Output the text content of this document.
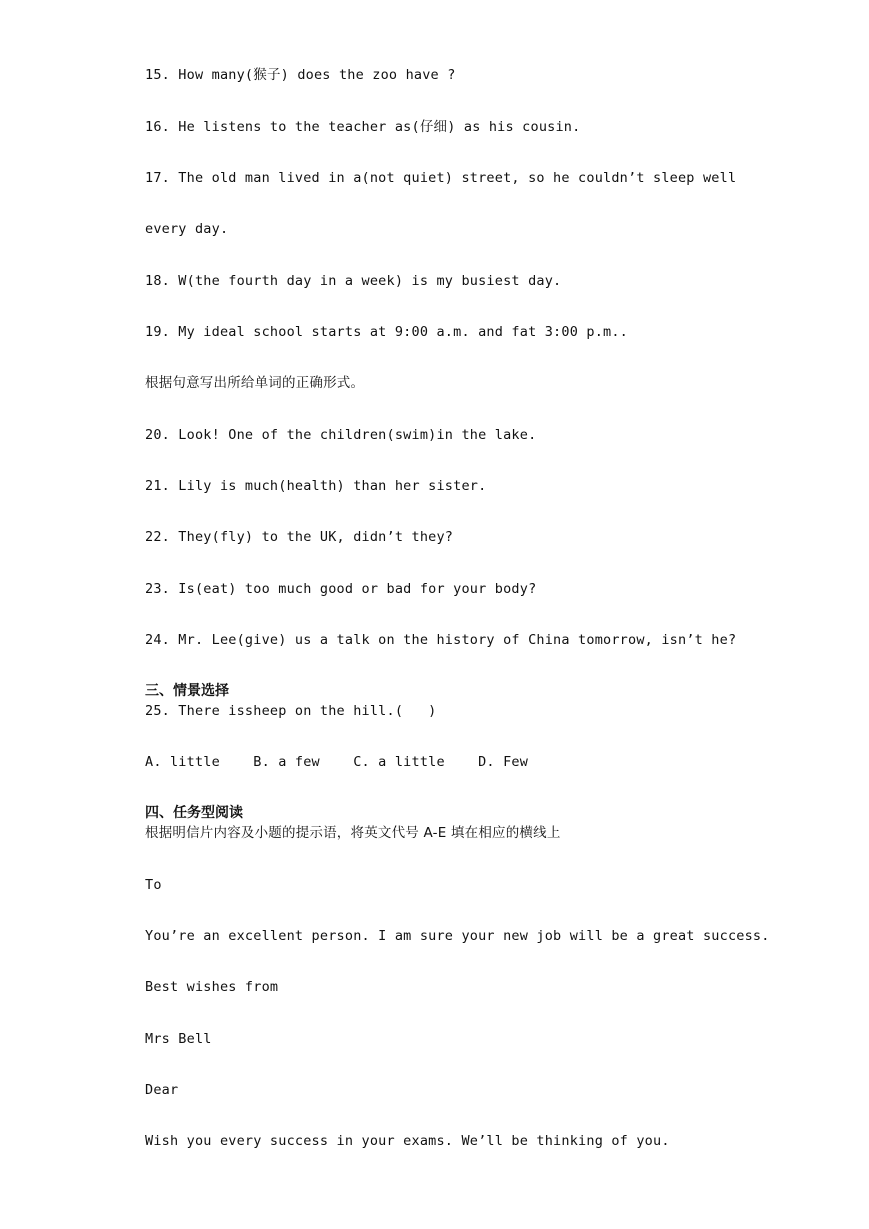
15. How many(猴子) does the zoo have ?
16. He listens to the teacher as(仔细) as his cousin.
17. The old man lived in a(not quiet) street, so he couldn’t sleep well
every day.
18. W(the fourth day in a week) is my busiest day.
19. My ideal school starts at 9:00 a.m. and fat 3:00 p.m..
根据句意写出所给单词的正确形式。
20. Look! One of the children(swim)in the lake.
21. Lily is much(health) than her sister.
22. They(fly) to the UK, didn’t they?
23. Is(eat) too much good or bad for your body?
24. Mr. Lee(give) us a talk on the history of China tomorrow, isn’t he?
三、情景选择
25. There issheep on the hill.(   )
A. little    B. a few    C. a little    D. Few
四、任务型阅读
根据明信片内容及小题的提示语，将英文代号 A-E 填在相应的横线上
To
You’re an excellent person. I am sure your new job will be a great success.
Best wishes from
Mrs Bell
Dear
Wish you every success in your exams. We’ll be thinking of you.
